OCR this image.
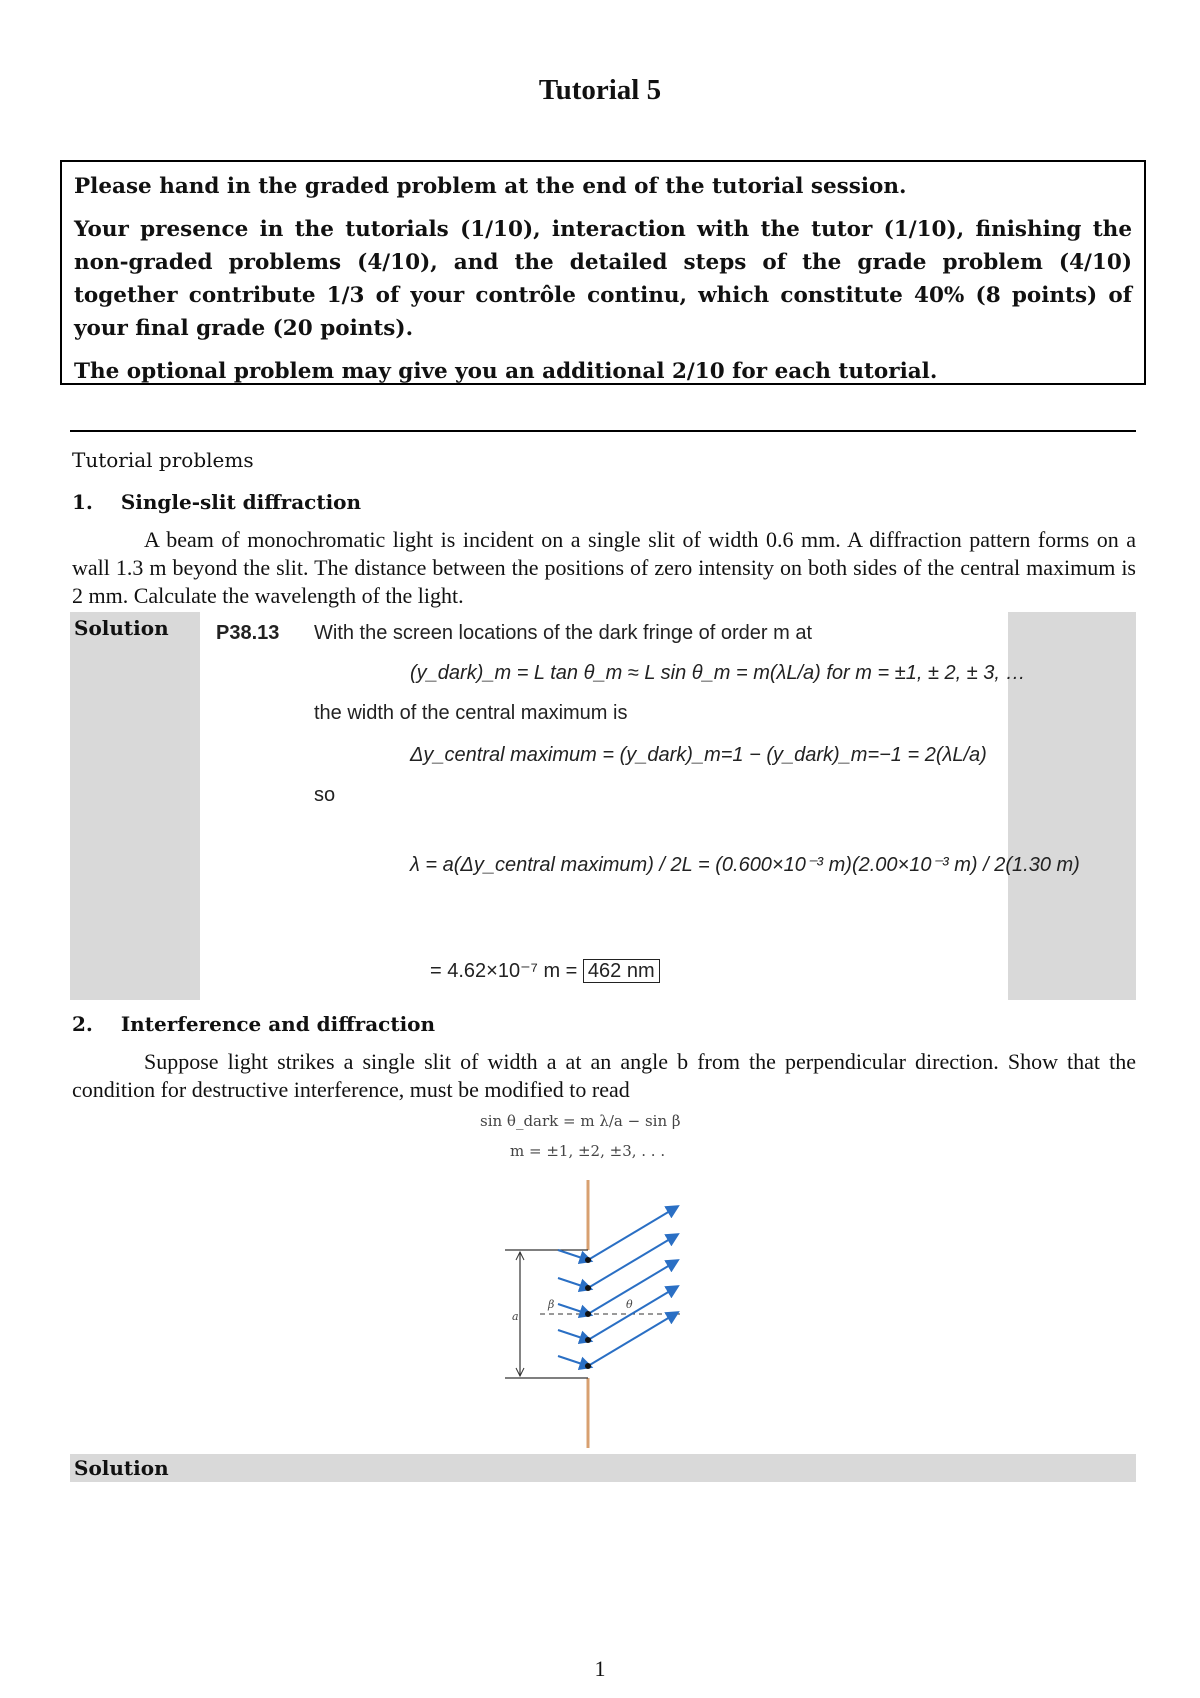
Tutorial 5

Please hand in the graded problem at the end of the tutorial session.

Your presence in the tutorials (1/10), interaction with the tutor (1/10), finishing the non-graded problems (4/10), and the detailed steps of the grade problem (4/10) together contribute 1/3 of your contrôle continu, which constitute 40% (8 points) of your final grade (20 points).

The optional problem may give you an additional 2/10 for each tutorial.

Tutorial problems
1. Single-slit diffraction
A beam of monochromatic light is incident on a single slit of width 0.6 mm. A diffraction pattern forms on a wall 1.3 m beyond the slit. The distance between the positions of zero intensity on both sides of the central maximum is 2 mm. Calculate the wavelength of the light.
Solution P38.13 With the screen locations of the dark fringe of order m at
(y_dark)_m = L tan θ_m ≈ L sin θ_m = m(λL/a) for m = ±1, ± 2, ± 3, …
the width of the central maximum is
Δy_central maximum = (y_dark)_m=1 − (y_dark)_m=−1 = 2(λL/a)
so
λ = a(Δy_central maximum) / 2L = (0.600×10⁻³ m)(2.00×10⁻³ m) / 2(1.30 m)
= 4.62×10⁻⁷ m = 462 nm
2. Interference and diffraction
Suppose light strikes a single slit of width a at an angle b from the perpendicular direction. Show that the condition for destructive interference, must be modified to read
sin θ_dark = m λ/a − sin β
m = ±1, ±2, ±3, . . .
a
β	θ
Solution
1
